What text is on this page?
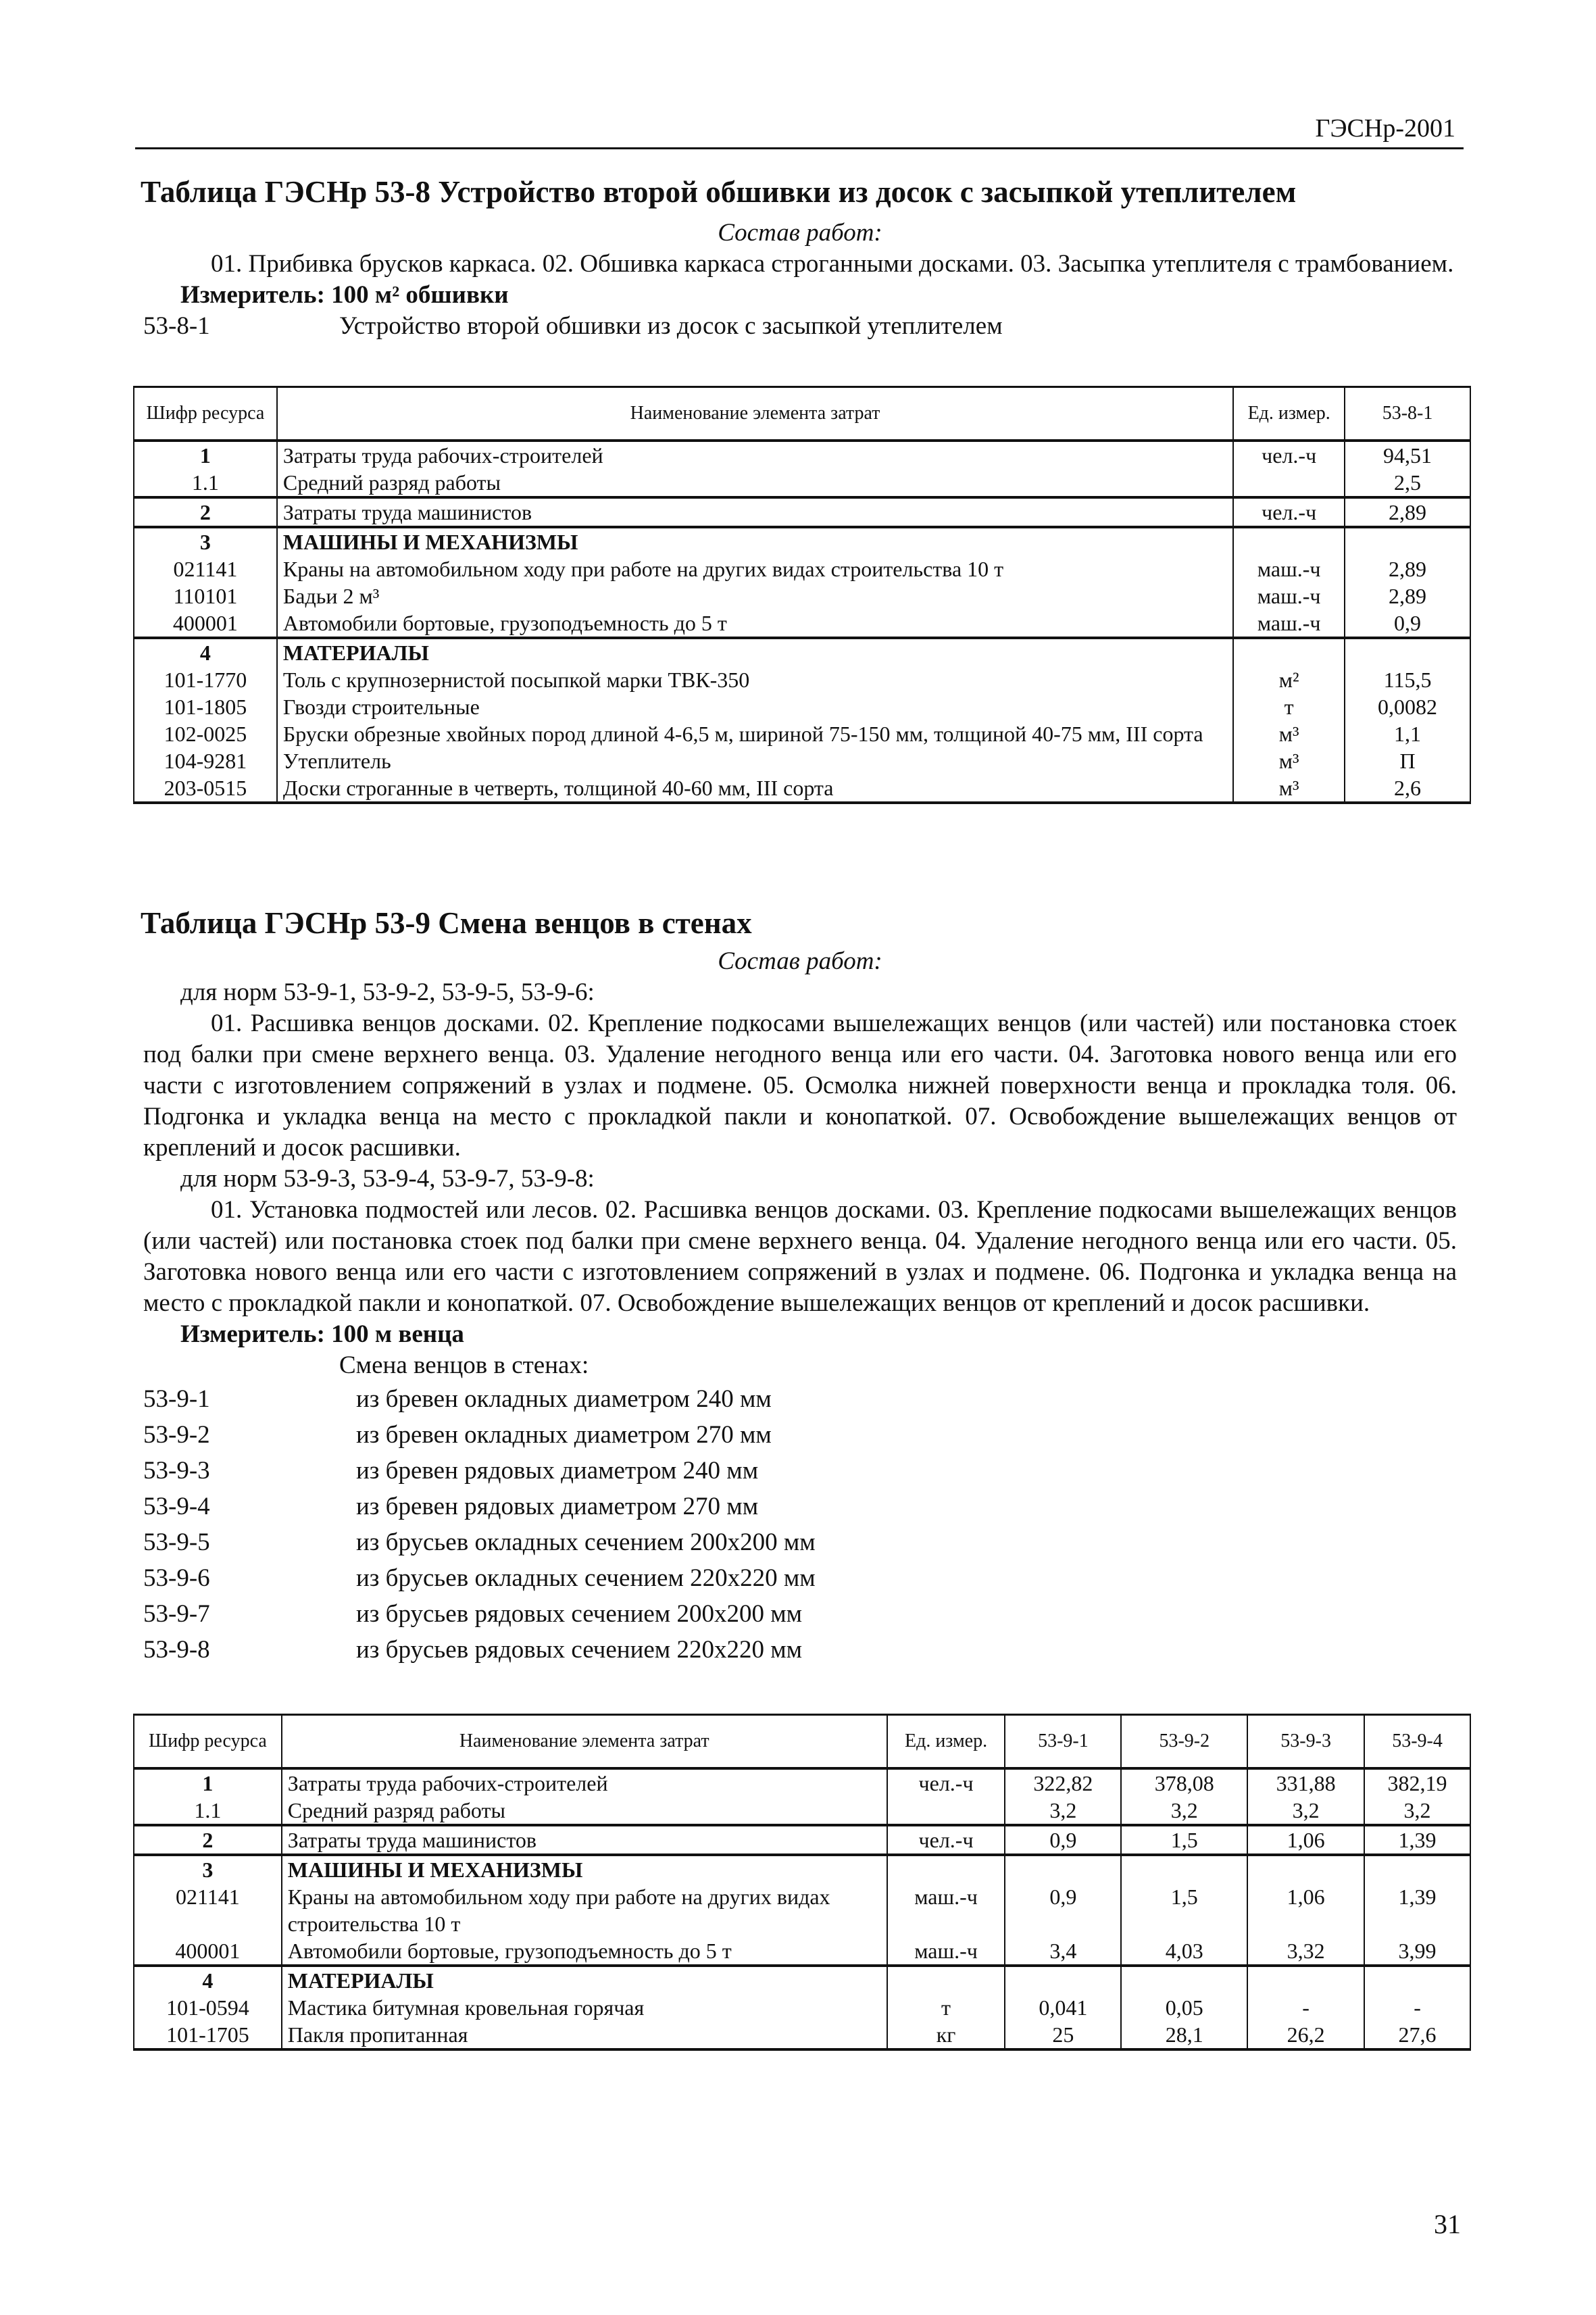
ГЭСНр-2001
Таблица ГЭСНр 53-8 Устройство второй обшивки из досок с засыпкой утеплителем
Состав работ:

01. Прибивка брусков каркаса. 02. Обшивка каркаса строганными досками. 03. Засыпка утеплителя с трамбованием.

Измеритель: 100 м² обшивки
53-8-1	Устройство второй обшивки из досок с засыпкой утеплителем
Шифр ресурса	Наименование элемента затрат	Ед. измер.	53-8-1
1	Затраты труда рабочих-строителей	чел.-ч	94,51
1.1	Средний разряд работы		2,5
2	Затраты труда машинистов	чел.-ч	2,89
3	МАШИНЫ И МЕХАНИЗМЫ		
021141	Краны на автомобильном ходу при работе на других видах строительства 10 т	маш.-ч	2,89
110101	Бадьи 2 м³	маш.-ч	2,89
400001	Автомобили бортовые, грузоподъемность до 5 т	маш.-ч	0,9
4	МАТЕРИАЛЫ		
101-1770	Толь с крупнозернистой посыпкой марки ТВК-350	м²	115,5
101-1805	Гвозди строительные	т	0,0082
102-0025	Бруски обрезные хвойных пород длиной 4-6,5 м, шириной 75-150 мм, толщиной 40-75 мм, III сорта	м³	1,1
104-9281	Утеплитель	м³	П
203-0515	Доски строганные в четверть, толщиной 40-60 мм, III сорта	м³	2,6
Таблица ГЭСНр 53-9 Смена венцов в стенах
Состав работ:
для норм 53-9-1, 53-9-2, 53-9-5, 53-9-6:

01. Расшивка венцов досками. 02. Крепление подкосами вышележащих венцов (или частей) или постановка стоек под балки при смене верхнего венца. 03. Удаление негодного венца или его части. 04. Заготовка нового венца или его части с изготовлением сопряжений в узлах и подмене. 05. Осмолка нижней поверхности венца и прокладка толя. 06. Подгонка и укладка венца на место с прокладкой пакли и конопаткой. 07. Освобождение вышележащих венцов от креплений и досок расшивки.

для норм 53-9-3, 53-9-4, 53-9-7, 53-9-8:

01. Установка подмостей или лесов. 02. Расшивка венцов досками. 03. Крепление подкосами вышележащих венцов (или частей) или постановка стоек под балки при смене верхнего венца. 04. Удаление негодного венца или его части. 05. Заготовка нового венца или его части с изготовлением сопряжений в узлах и подмене. 06. Подгонка и укладка венца на место с прокладкой пакли и конопаткой. 07. Освобождение вышележащих венцов от креплений и досок расшивки.

Измеритель: 100 м венца
Смена венцов в стенах:
53-9-1	из бревен окладных диаметром 240 мм
53-9-2	из бревен окладных диаметром 270 мм
53-9-3	из бревен рядовых диаметром 240 мм
53-9-4	из бревен рядовых диаметром 270 мм
53-9-5	из брусьев окладных сечением 200х200 мм
53-9-6	из брусьев окладных сечением 220х220 мм
53-9-7	из брусьев рядовых сечением 200х200 мм
53-9-8	из брусьев рядовых сечением 220х220 мм
Шифр ресурса	Наименование элемента затрат	Ед. измер.	53-9-1	53-9-2	53-9-3	53-9-4
1	Затраты труда рабочих-строителей	чел.-ч	322,82	378,08	331,88	382,19
1.1	Средний разряд работы		3,2	3,2	3,2	3,2
2	Затраты труда машинистов	чел.-ч	0,9	1,5	1,06	1,39
3	МАШИНЫ И МЕХАНИЗМЫ					
021141	Краны на автомобильном ходу при работе на других видах строительства 10 т	маш.-ч	0,9	1,5	1,06	1,39
400001	Автомобили бортовые, грузоподъемность до 5 т	маш.-ч	3,4	4,03	3,32	3,99
4	МАТЕРИАЛЫ					
101-0594	Мастика битумная кровельная горячая	т	0,041	0,05	-	-
101-1705	Пакля пропитанная	кг	25	28,1	26,2	27,6
31
